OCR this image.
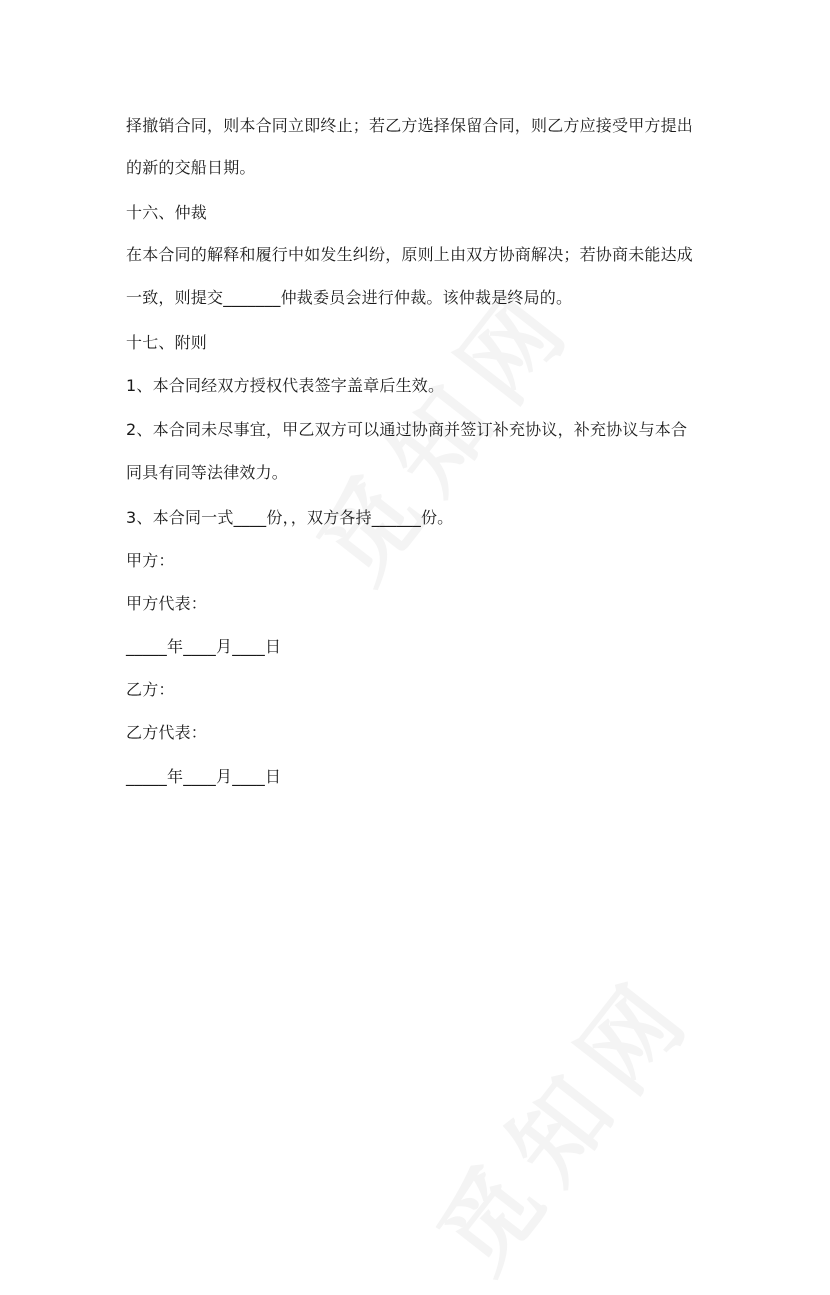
择撤销合同，则本合同立即终止；若乙方选择保留合同，则乙方应接受甲方提出
的新的交船日期。
十六、仲裁
在本合同的解释和履行中如发生纠纷，原则上由双方协商解决；若协商未能达成
一致，则提交_______仲裁委员会进行仲裁。该仲裁是终局的。
十七、附则
1、本合同经双方授权代表签字盖章后生效。
2、本合同未尽事宜，甲乙双方可以通过协商并签订补充协议，补充协议与本合
同具有同等法律效力。
3、本合同一式____份，，双方各持______份。
甲方：
甲方代表：
_____年____月____日
乙方：
乙方代表：
_____年____月____日
